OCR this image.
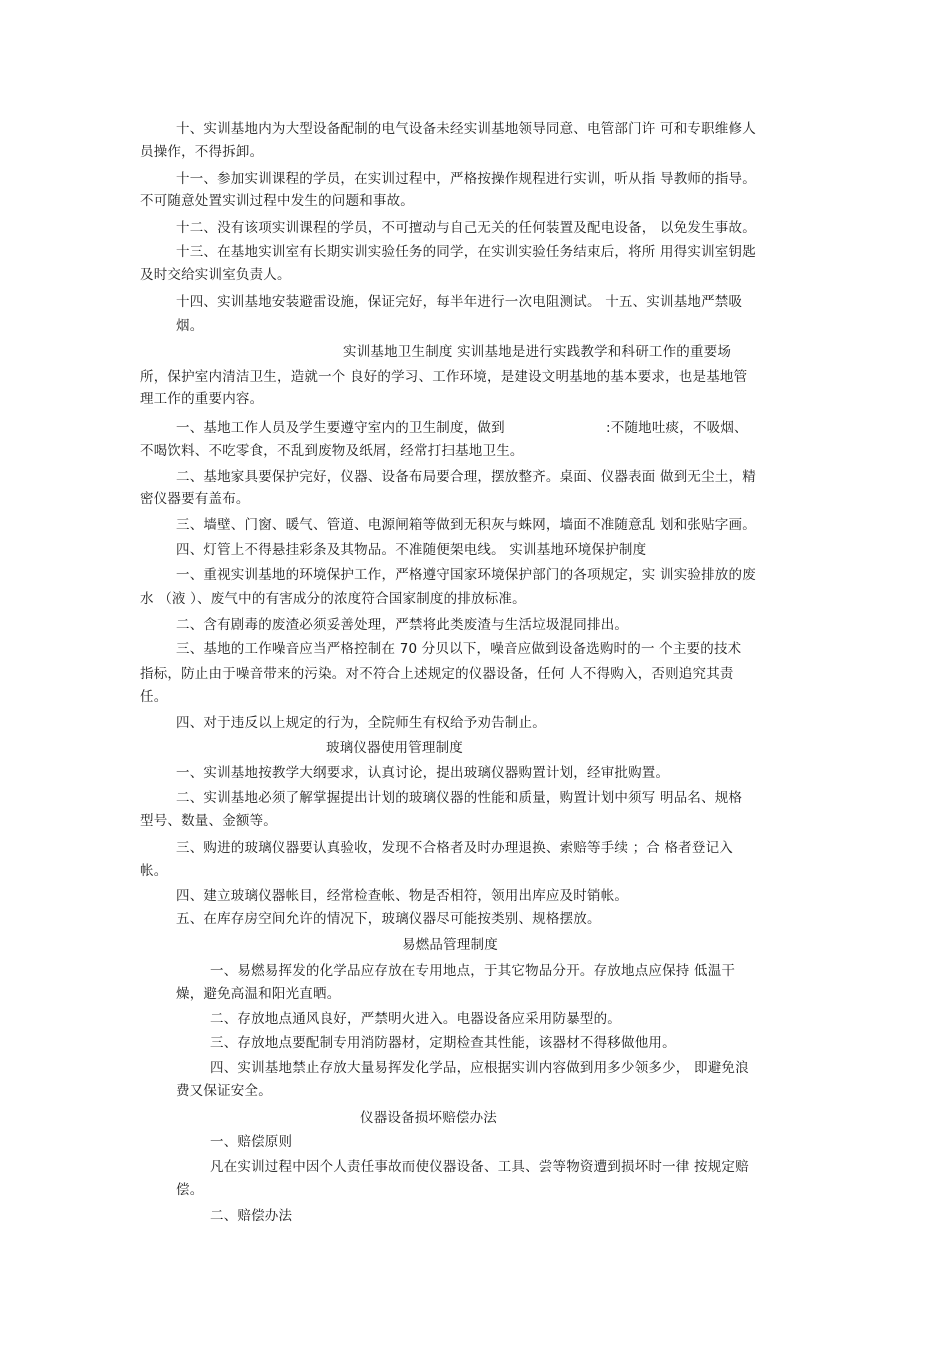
十、实训基地内为大型设备配制的电气设备未经实训基地领导同意、电管部门许 可和专职维修人
员操作，不得拆卸。
十一、参加实训课程的学员，在实训过程中，严格按操作规程进行实训，听从指 导教师的指导。
不可随意处置实训过程中发生的问题和事故。
十二、没有该项实训课程的学员，不可擅动与自己无关的任何装置及配电设备， 以免发生事故。
十三、在基地实训室有长期实训实验任务的同学，在实训实验任务结束后，将所 用得实训室钥匙
及时交给实训室负责人。
十四、实训基地安装避雷设施，保证完好，每半年进行一次电阻测试。 十五、实训基地严禁吸
烟。
实训基地卫生制度 实训基地是进行实践教学和科研工作的重要场
所，保护室内清洁卫生，造就一个 良好的学习、工作环境，是建设文明基地的基本要求，也是基地管
理工作的重要内容。
一、基地工作人员及学生要遵守室内的卫生制度，做到	:不随地吐痰，不吸烟、
不喝饮料、不吃零食，不乱到废物及纸屑，经常打扫基地卫生。
二、基地家具要保护完好，仪器、设备布局要合理，摆放整齐。桌面、仪器表面 做到无尘土，精
密仪器要有盖布。
三、墙壁、门窗、暖气、管道、电源闸箱等做到无积灰与蛛网，墙面不准随意乱 划和张贴字画。
四、灯管上不得悬挂彩条及其物品。不准随便架电线。 实训基地环境保护制度
一、重视实训基地的环境保护工作，严格遵守国家环境保护部门的各项规定，实 训实验排放的废
水 （液 ）、废气中的有害成分的浓度符合国家制度的排放标准。
二、含有剧毒的废渣必须妥善处理，严禁将此类废渣与生活垃圾混同排出。
三、基地的工作噪音应当严格控制在 70 分贝以下，噪音应做到设备选购时的一 个主要的技术
指标，防止由于噪音带来的污染。对不符合上述规定的仪器设备，任何 人不得购入，否则追究其责
任。
四、对于违反以上规定的行为，全院师生有权给予劝告制止。
玻璃仪器使用管理制度
一、实训基地按教学大纲要求，认真讨论，提出玻璃仪器购置计划，经审批购置。
二、实训基地必须了解掌握提出计划的玻璃仪器的性能和质量，购置计划中须写 明品名、规格
型号、数量、金额等。
三、购进的玻璃仪器要认真验收，发现不合格者及时办理退换、索赔等手续 ；合 格者登记入
帐。
四、建立玻璃仪器帐目，经常检查帐、物是否相符，领用出库应及时销帐。
五、在库存房空间允许的情况下，玻璃仪器尽可能按类别、规格摆放。
易燃品管理制度
一、易燃易挥发的化学品应存放在专用地点，于其它物品分开。存放地点应保持 低温干
燥，避免高温和阳光直晒。
二、存放地点通风良好，严禁明火进入。电器设备应采用防暴型的。
三、存放地点要配制专用消防器材，定期检查其性能，该器材不得移做他用。
四、实训基地禁止存放大量易挥发化学品，应根据实训内容做到用多少领多少， 即避免浪
费又保证安全。
仪器设备损坏赔偿办法
一、赔偿原则
凡在实训过程中因个人责任事故而使仪器设备、工具、尝等物资遭到损坏时一律 按规定赔
偿。
二、赔偿办法
